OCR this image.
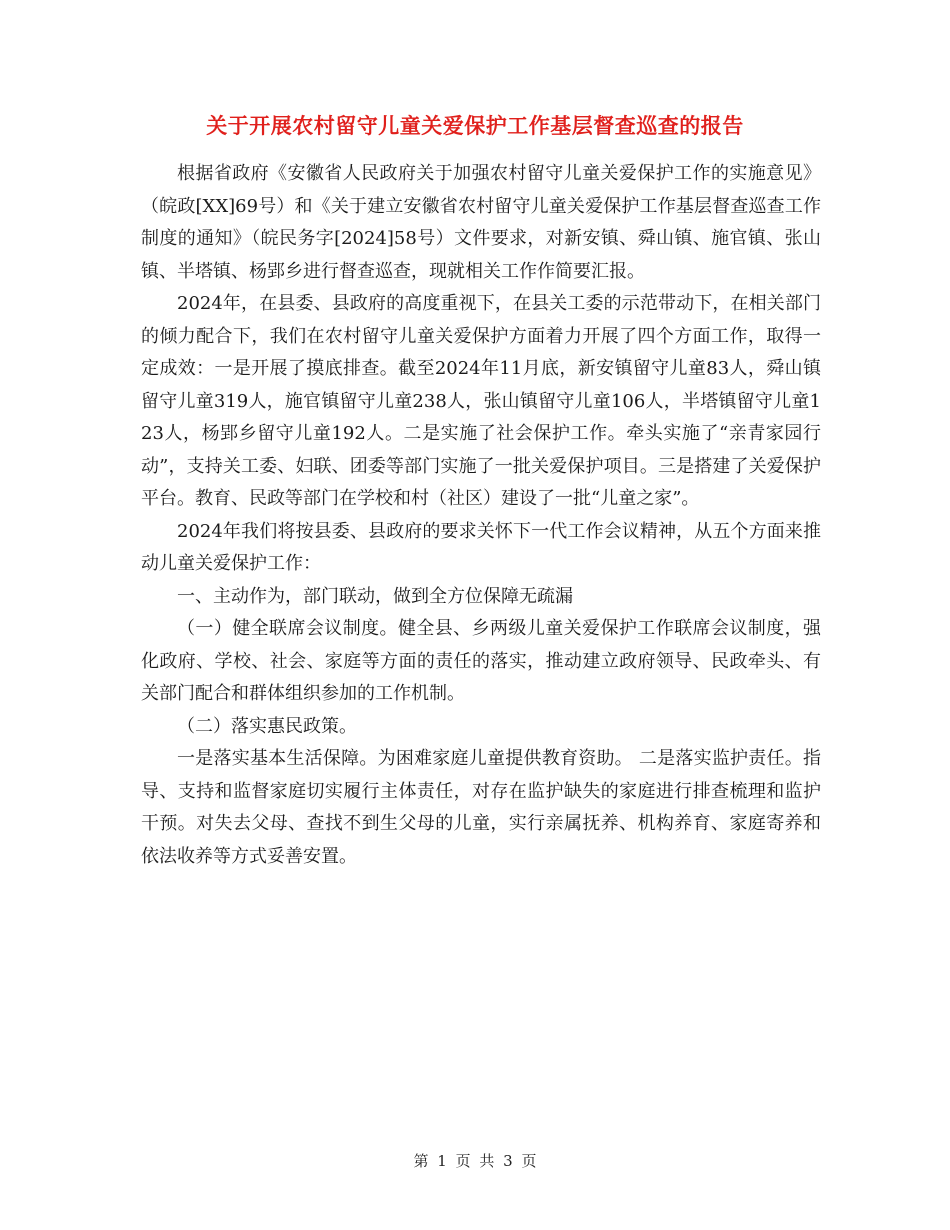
关于开展农村留守儿童关爱保护工作基层督查巡查的报告

根据省政府《安徽省人民政府关于加强农村留守儿童关爱保护工作的实施意见》（皖政[XX]69号）和《关于建立安徽省农村留守儿童关爱保护工作基层督查巡查工作制度的通知》（皖民务字[2024]58号）文件要求，对新安镇、舜山镇、施官镇、张山镇、半塔镇、杨郢乡进行督查巡查，现就相关工作作简要汇报。

2024年，在县委、县政府的高度重视下，在县关工委的示范带动下，在相关部门的倾力配合下，我们在农村留守儿童关爱保护方面着力开展了四个方面工作，取得一定成效：一是开展了摸底排查。截至2024年11月底，新安镇留守儿童83人，舜山镇留守儿童319人，施官镇留守儿童238人，张山镇留守儿童106人，半塔镇留守儿童123人，杨郢乡留守儿童192人。二是实施了社会保护工作。牵头实施了“亲青家园行动”，支持关工委、妇联、团委等部门实施了一批关爱保护项目。三是搭建了关爱保护平台。教育、民政等部门在学校和村（社区）建设了一批“儿童之家”。

2024年我们将按县委、县政府的要求关怀下一代工作会议精神，从五个方面来推动儿童关爱保护工作：

一、主动作为，部门联动，做到全方位保障无疏漏

（一）健全联席会议制度。健全县、乡两级儿童关爱保护工作联席会议制度，强化政府、学校、社会、家庭等方面的责任的落实，推动建立政府领导、民政牵头、有关部门配合和群体组织参加的工作机制。

（二）落实惠民政策。

一是落实基本生活保障。为困难家庭儿童提供教育资助。 二是落实监护责任。指导、支持和监督家庭切实履行主体责任，对存在监护缺失的家庭进行排查梳理和监护干预。对失去父母、查找不到生父母的儿童，实行亲属抚养、机构养育、家庭寄养和依法收养等方式妥善安置。

第 1 页 共 3 页
